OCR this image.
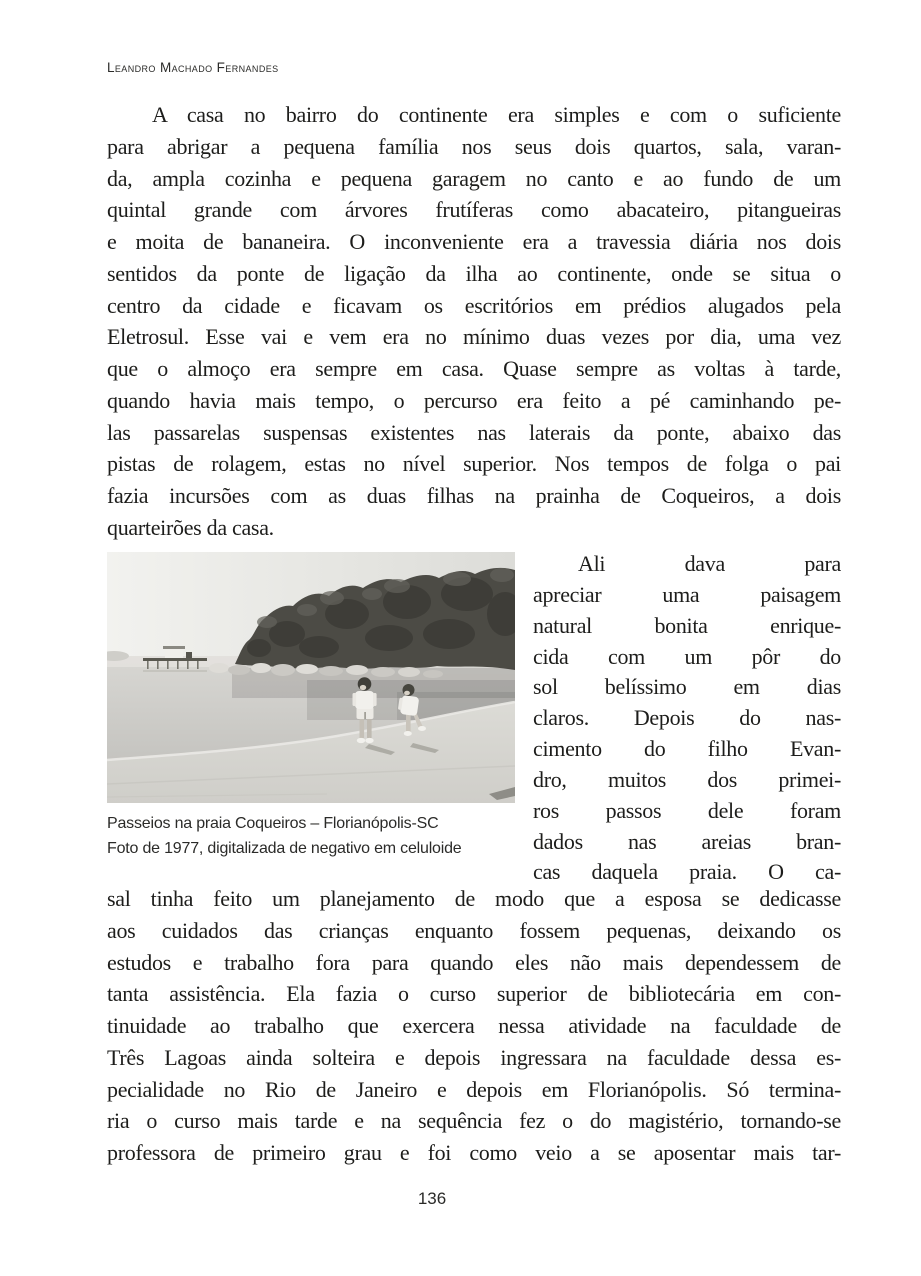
Leandro Machado Fernandes
A casa no bairro do continente era simples e com o suficiente
para abrigar a pequena família nos seus dois quartos, sala, varan-
da, ampla cozinha e pequena garagem no canto e ao fundo de um
quintal grande com árvores frutíferas como abacateiro, pitangueiras
e moita de bananeira. O inconveniente era a travessia diária nos dois
sentidos da ponte de ligação da ilha ao continente, onde se situa o
centro da cidade e ficavam os escritórios em prédios alugados pela
Eletrosul. Esse vai e vem era no mínimo duas vezes por dia, uma vez
que o almoço era sempre em casa. Quase sempre as voltas à tarde,
quando havia mais tempo, o percurso era feito a pé caminhando pe-
las passarelas suspensas existentes nas laterais da ponte, abaixo das
pistas de rolagem, estas no nível superior. Nos tempos de folga o pai
fazia incursões com as duas filhas na prainha de Coqueiros, a dois
quarteirões da casa.
Passeios na praia Coqueiros – Florianópolis-SC
Foto de 1977, digitalizada de negativo em celuloide
Ali dava para
apreciar uma paisagem
natural bonita enrique-
cida com um pôr do
sol belíssimo em dias
claros. Depois do nas-
cimento do filho Evan-
dro, muitos dos primei-
ros passos dele foram
dados nas areias bran-
cas daquela praia. O ca-
sal tinha feito um planejamento de modo que a esposa se dedicasse
aos cuidados das crianças enquanto fossem pequenas, deixando os
estudos e trabalho fora para quando eles não mais dependessem de
tanta assistência. Ela fazia o curso superior de bibliotecária em con-
tinuidade ao trabalho que exercera nessa atividade na faculdade de
Três Lagoas ainda solteira e depois ingressara na faculdade dessa es-
pecialidade no Rio de Janeiro e depois em Florianópolis. Só termina-
ria o curso mais tarde e na sequência fez o do magistério, tornando-se
professora de primeiro grau e foi como veio a se aposentar mais tar-
136
